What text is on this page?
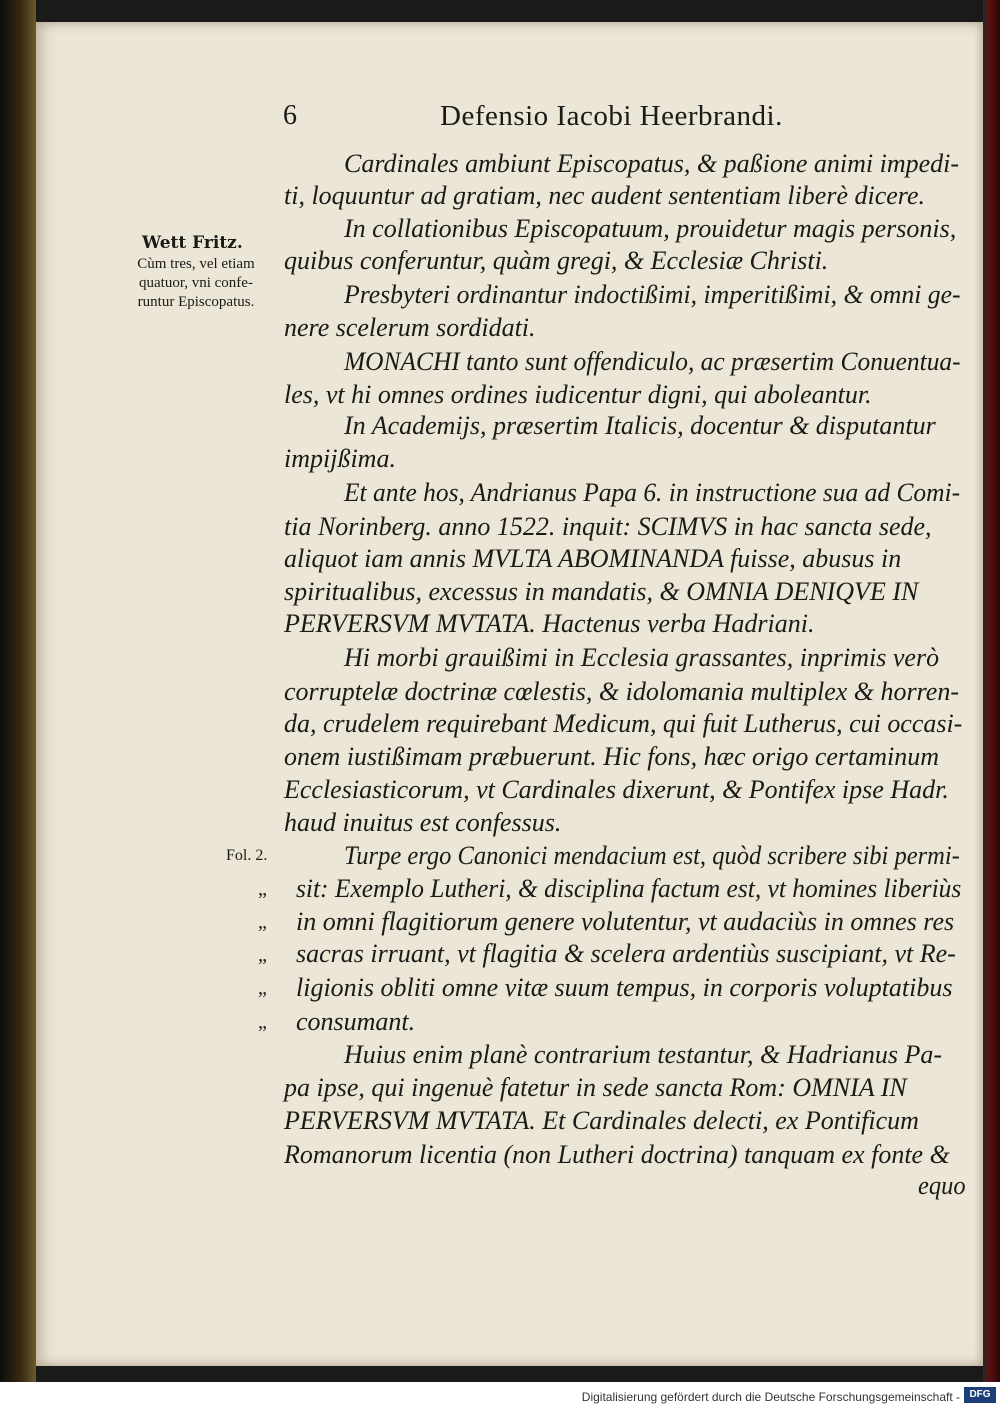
6	Defensio Iacobi Heerbrandi.
Wett Fritz.
Cùm tres, vel etiam
quatuor, vni confe-
runtur Episcopatus.
Fol. 2.
Cardinales ambiunt Episcopatus, & paßione animi impedi-
ti, loquuntur ad gratiam, nec audent sententiam liberè dicere.
In collationibus Episcopatuum, prouidetur magis personis,
quibus conferuntur, quàm gregi, & Ecclesiæ Christi.
Presbyteri ordinantur indoctißimi, imperitißimi, & omni ge-
nere scelerum sordidati.
MONACHI tanto sunt offendiculo, ac præsertim Conuentua-
les, vt hi omnes ordines iudicentur digni, qui aboleantur.
In Academijs, præsertim Italicis, docentur & disputantur
impijßima.
Et ante hos, Andrianus Papa 6. in instructione sua ad Comi-
tia Norinberg. anno 1522. inquit: SCIMVS in hac sancta sede,
aliquot iam annis MVLTA ABOMINANDA fuisse, abusus in
spiritualibus, excessus in mandatis, & OMNIA DENIQVE IN
PERVERSVM MVTATA. Hactenus verba Hadriani.
Hi morbi grauißimi in Ecclesia grassantes, inprimis verò
corruptelæ doctrinæ cœlestis, & idolomania multiplex & horren-
da, crudelem requirebant Medicum, qui fuit Lutherus, cui occasi-
onem iustißimam præbuerunt. Hic fons, hæc origo certaminum
Ecclesiasticorum, vt Cardinales dixerunt, & Pontifex ipse Hadr.
haud inuitus est confessus.
Turpe ergo Canonici mendacium est, quòd scribere sibi permi-
sit: Exemplo Lutheri, & disciplina factum est, vt homines liberiùs
in omni flagitiorum genere volutentur, vt audaciùs in omnes res
sacras irruant, vt flagitia & scelera ardentiùs suscipiant, vt Re-
ligionis obliti omne vitæ suum tempus, in corporis voluptatibus
consumant.
Huius enim planè contrarium testantur, & Hadrianus Pa-
pa ipse, qui ingenuè fatetur in sede sancta Rom: OMNIA IN
PERVERSVM MVTATA. Et Cardinales delecti, ex Pontificum
Romanorum licentia (non Lutheri doctrina) tanquam ex fonte &
equo
„
„
„
„
„
Digitalisierung gefördert durch die Deutsche Forschungsgemeinschaft - DFG
